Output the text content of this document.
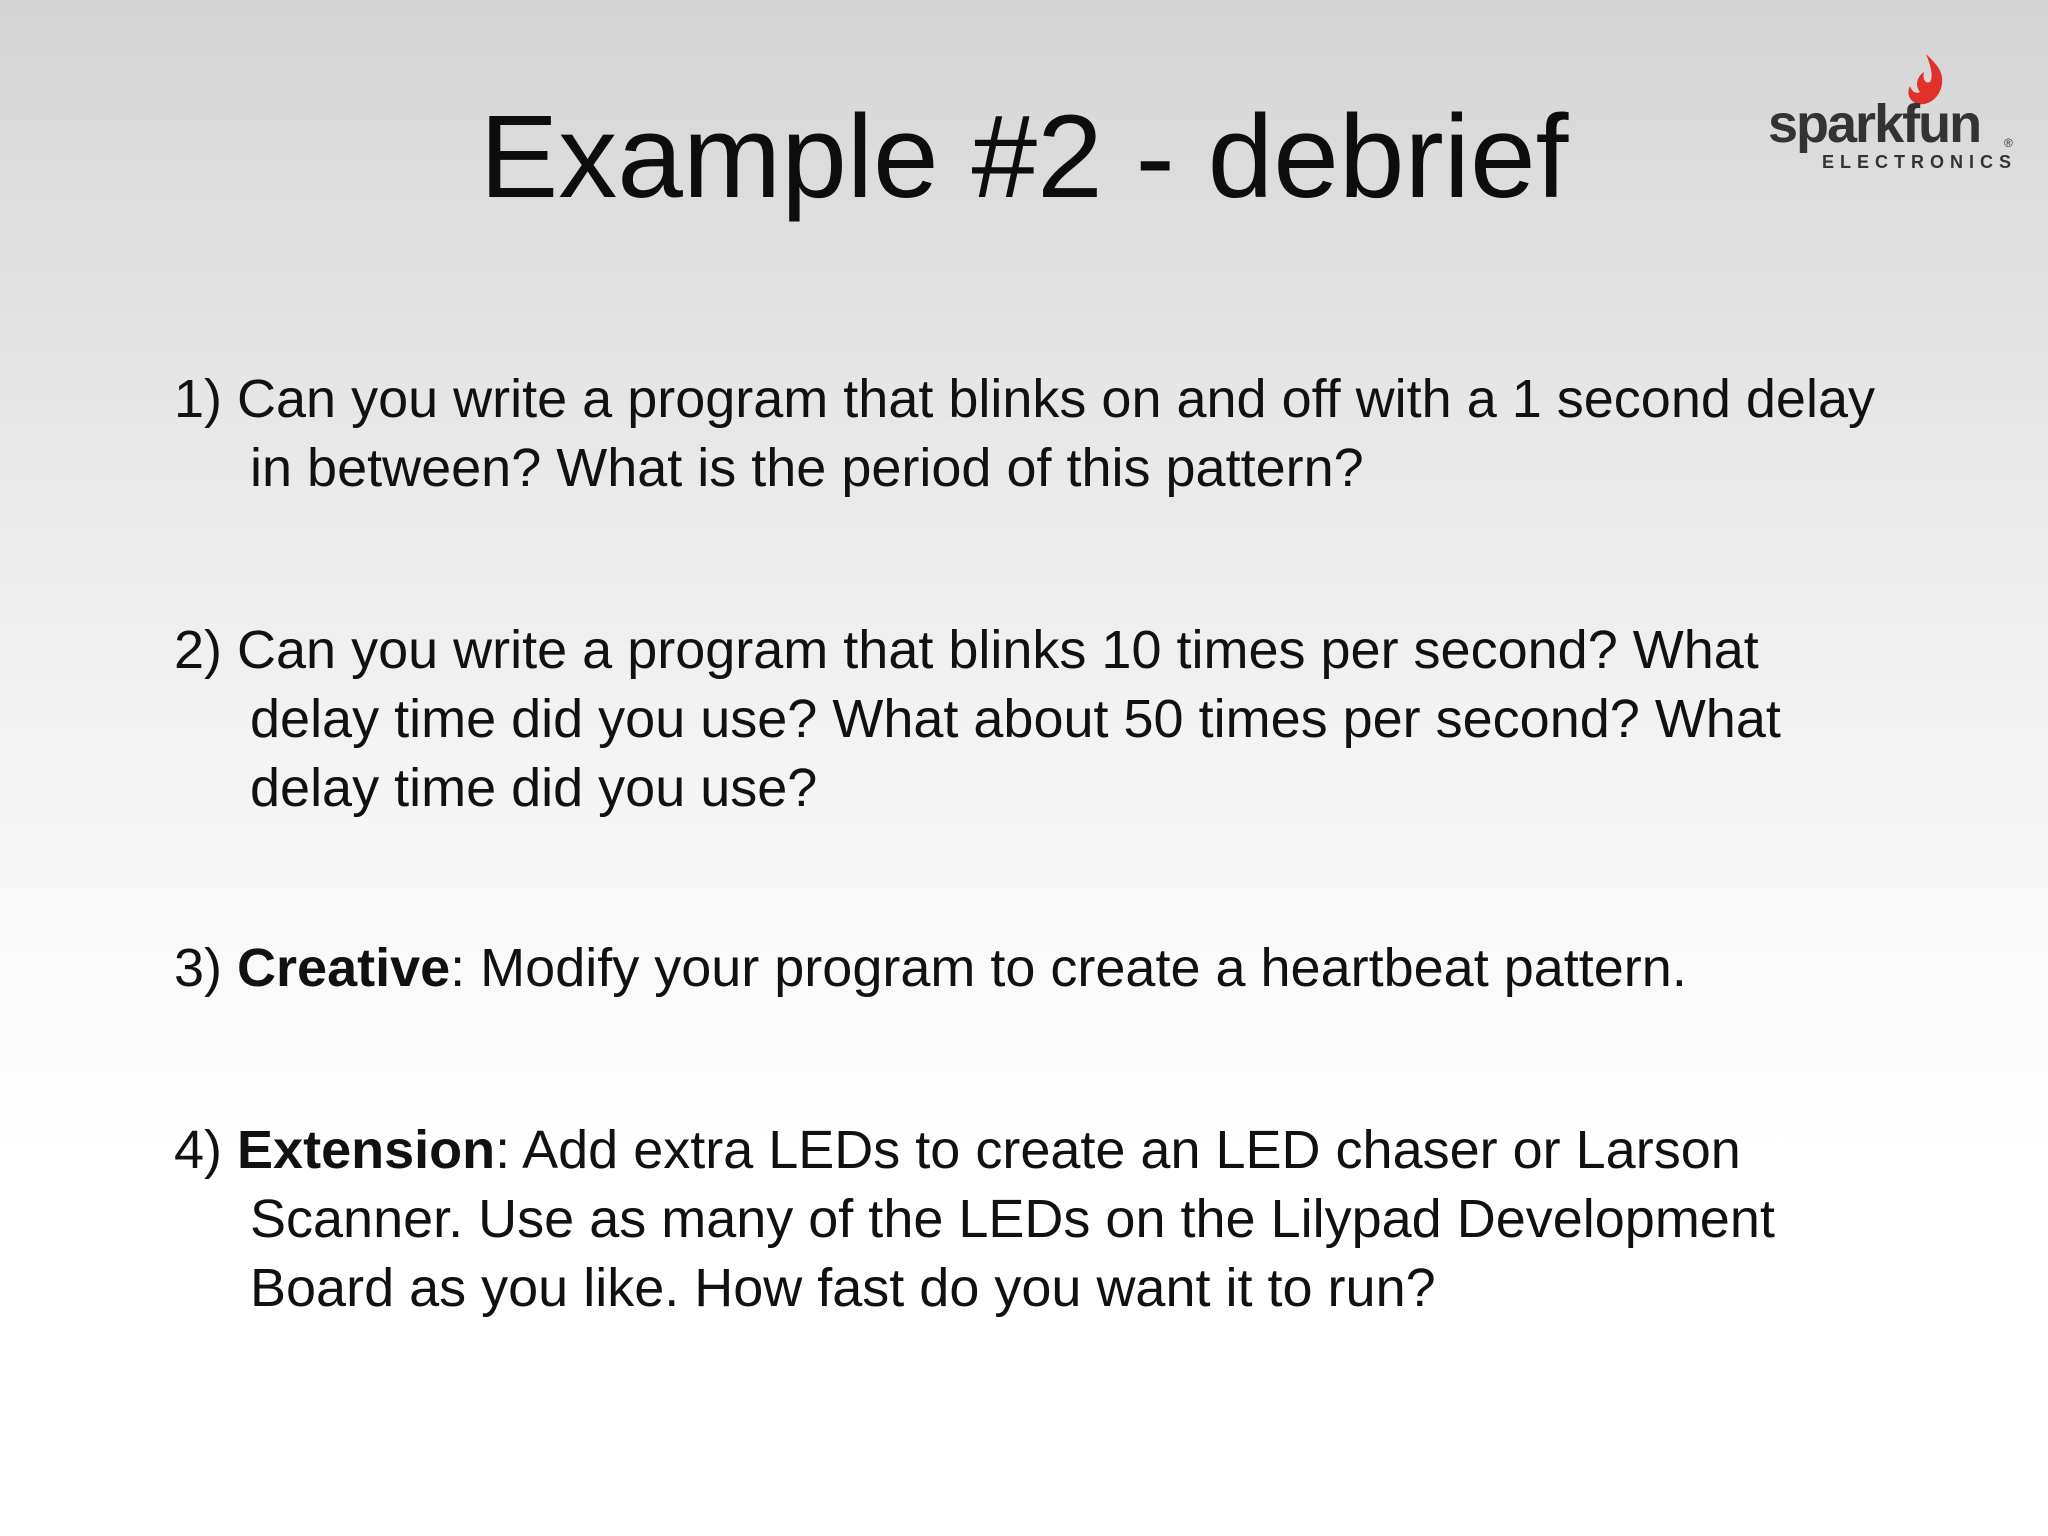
Example #2 - debrief	sparkfun ®
ELECTRONICS
1) Can you write a program that blinks on and off with a 1 second delay in between? What is the period of this pattern?
2) Can you write a program that blinks 10 times per second? What delay time did you use? What about 50 times per second? What delay time did you use?
3) Creative: Modify your program to create a heartbeat pattern.
4) Extension: Add extra LEDs to create an LED chaser or Larson Scanner. Use as many of the LEDs on the Lilypad Development Board as you like. How fast do you want it to run?
